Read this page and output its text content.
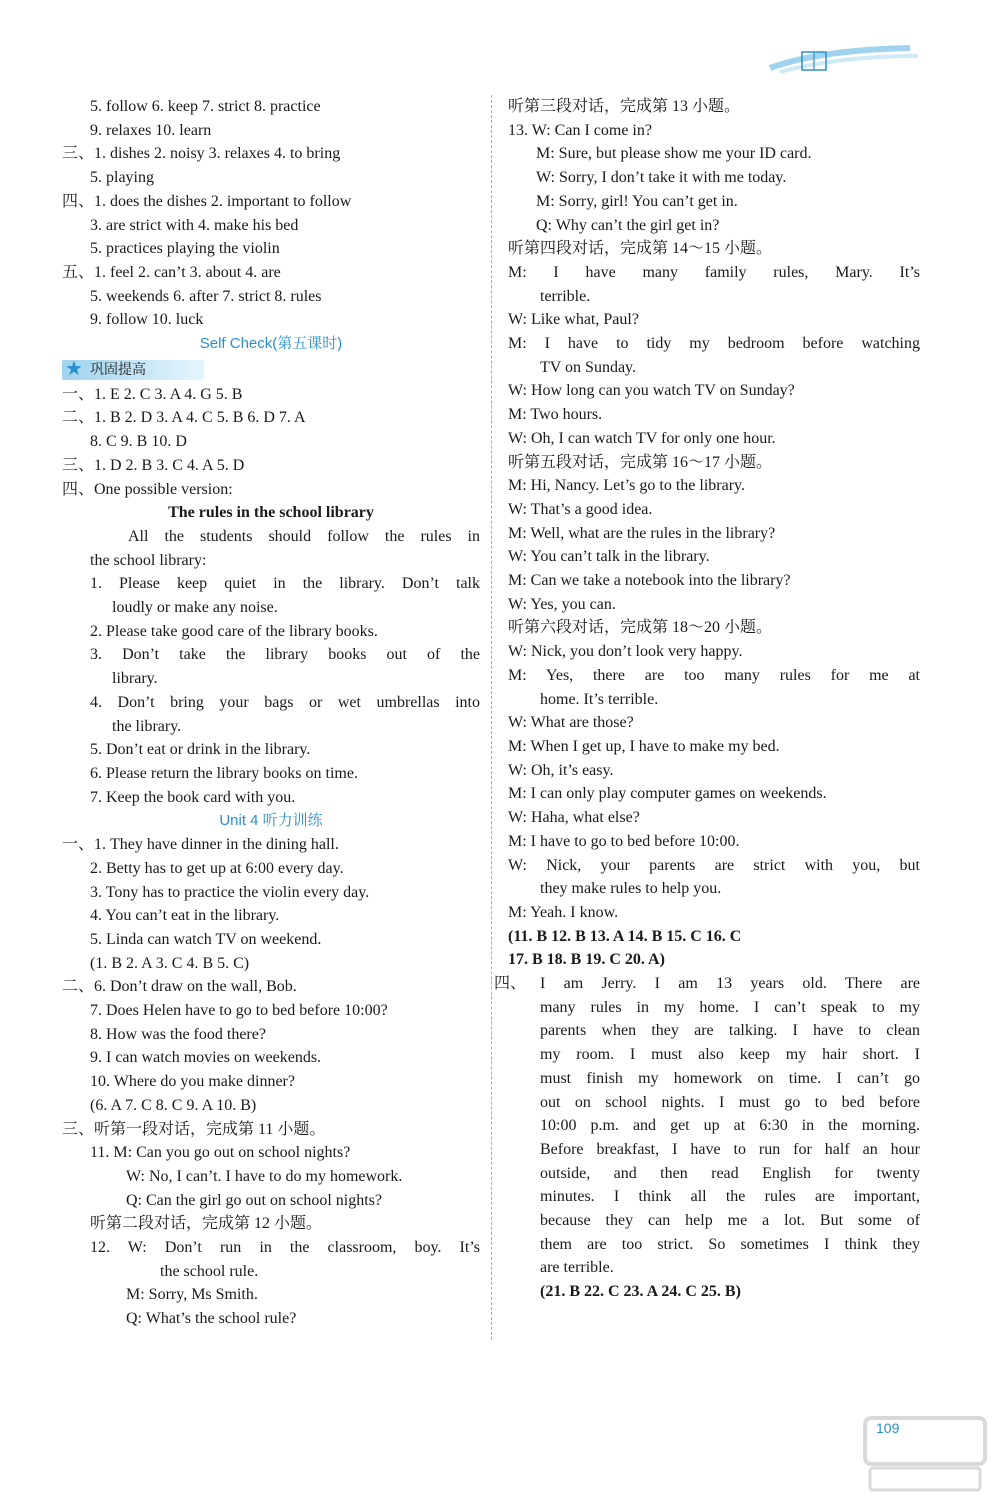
5. follow 6. keep 7. strict 8. practice
9. relaxes 10. learn
三、1. dishes 2. noisy 3. relaxes 4. to bring
5. playing
四、1. does the dishes 2. important to follow
3. are strict with 4. make his bed
5. practices playing the violin
五、1. feel 2. can’t 3. about 4. are
5. weekends 6. after 7. strict 8. rules
9. follow 10. luck
Self Check(第五课时)
★ 巩固提高
一、1. E 2. C 3. A 4. G 5. B
二、1. B 2. D 3. A 4. C 5. B 6. D 7. A
8. C 9. B 10. D
三、1. D 2. B 3. C 4. A 5. D
四、One possible version:
The rules in the school library
All the students should follow the rules in
the school library:
1. Please keep quiet in the library. Don’t talk
loudly or make any noise.
2. Please take good care of the library books.
3. Don’t take the library books out of the
library.
4. Don’t bring your bags or wet umbrellas into
the library.
5. Don’t eat or drink in the library.
6. Please return the library books on time.
7. Keep the book card with you.
Unit 4 听力训练
一、1. They have dinner in the dining hall.
2. Betty has to get up at 6:00 every day.
3. Tony has to practice the violin every day.
4. You can’t eat in the library.
5. Linda can watch TV on weekend.
(1. B 2. A 3. C 4. B 5. C)
二、6. Don’t draw on the wall, Bob.
7. Does Helen have to go to bed before 10:00?
8. How was the food there?
9. I can watch movies on weekends.
10. Where do you make dinner?
(6. A 7. C 8. C 9. A 10. B)
三、听第一段对话，完成第 11 小题。
11. M: Can you go out on school nights?
W: No, I can’t. I have to do my homework.
Q: Can the girl go out on school nights?
听第二段对话，完成第 12 小题。
12. W: Don’t run in the classroom, boy. It’s
the school rule.
M: Sorry, Ms Smith.
Q: What’s the school rule?
听第三段对话，完成第 13 小题。
13. W: Can I come in?
M: Sure, but please show me your ID card.
W: Sorry, I don’t take it with me today.
M: Sorry, girl! You can’t get in.
Q: Why can’t the girl get in?
听第四段对话，完成第 14～15 小题。
M: I have many family rules, Mary. It’s
terrible.
W: Like what, Paul?
M: I have to tidy my bedroom before watching
TV on Sunday.
W: How long can you watch TV on Sunday?
M: Two hours.
W: Oh, I can watch TV for only one hour.
听第五段对话，完成第 16～17 小题。
M: Hi, Nancy. Let’s go to the library.
W: That’s a good idea.
M: Well, what are the rules in the library?
W: You can’t talk in the library.
M: Can we take a notebook into the library?
W: Yes, you can.
听第六段对话，完成第 18～20 小题。
W: Nick, you don’t look very happy.
M: Yes, there are too many rules for me at
home. It’s terrible.
W: What are those?
M: When I get up, I have to make my bed.
W: Oh, it’s easy.
M: I can only play computer games on weekends.
W: Haha, what else?
M: I have to go to bed before 10:00.
W: Nick, your parents are strict with you, but
they make rules to help you.
M: Yeah. I know.
(11. B 12. B 13. A 14. B 15. C 16. C
17. B 18. B 19. C 20. A)
四、 I am Jerry. I am 13 years old. There are
many rules in my home. I can’t speak to my
parents when they are talking. I have to clean
my room. I must also keep my hair short. I
must finish my homework on time. I can’t go
out on school nights. I must go to bed before
10:00 p.m. and get up at 6:30 in the morning.
Before breakfast, I have to run for half an hour
outside, and then read English for twenty
minutes. I think all the rules are important,
because they can help me a lot. But some of
them are too strict. So sometimes I think they
are terrible.
(21. B 22. C 23. A 24. C 25. B)
109
